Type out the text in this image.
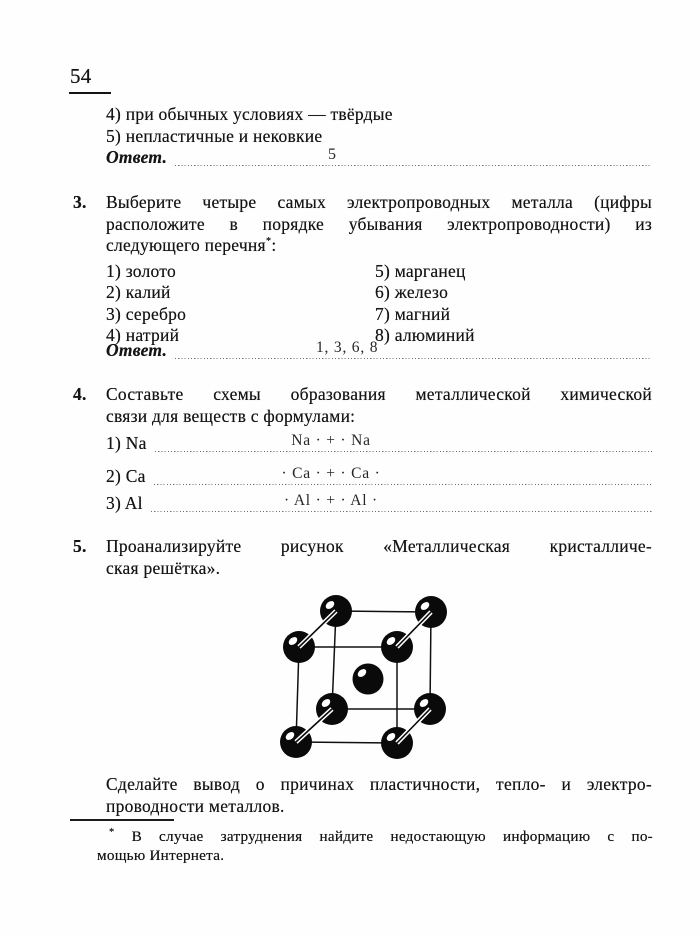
54
4) при обычных условиях — твёрдые
5) непластичные и нековкие
Ответ.	5
3. Выберите четыре самых электропроводных металла (цифры
расположите в порядке убывания электропроводности) из
следующего перечня*:
1) золото
2) калий
3) серебро
4) натрий
5) марганец
6) железо
7) магний
8) алюминий
Ответ.	1, 3, 6, 8
4. Составьте схемы образования металлической химической
связи для веществ с формулами:
1) Na	Na · + · Na
2) Ca	· Ca · + · Ca ·
3) Al	· Al · + · Al ·
5. Проанализируйте рисунок «Металлическая кристалличе-
ская решётка».
Сделайте вывод о причинах пластичности, тепло- и электро-
проводности металлов.
* В случае затруднения найдите недостающую информацию с по-
мощью Интернета.
